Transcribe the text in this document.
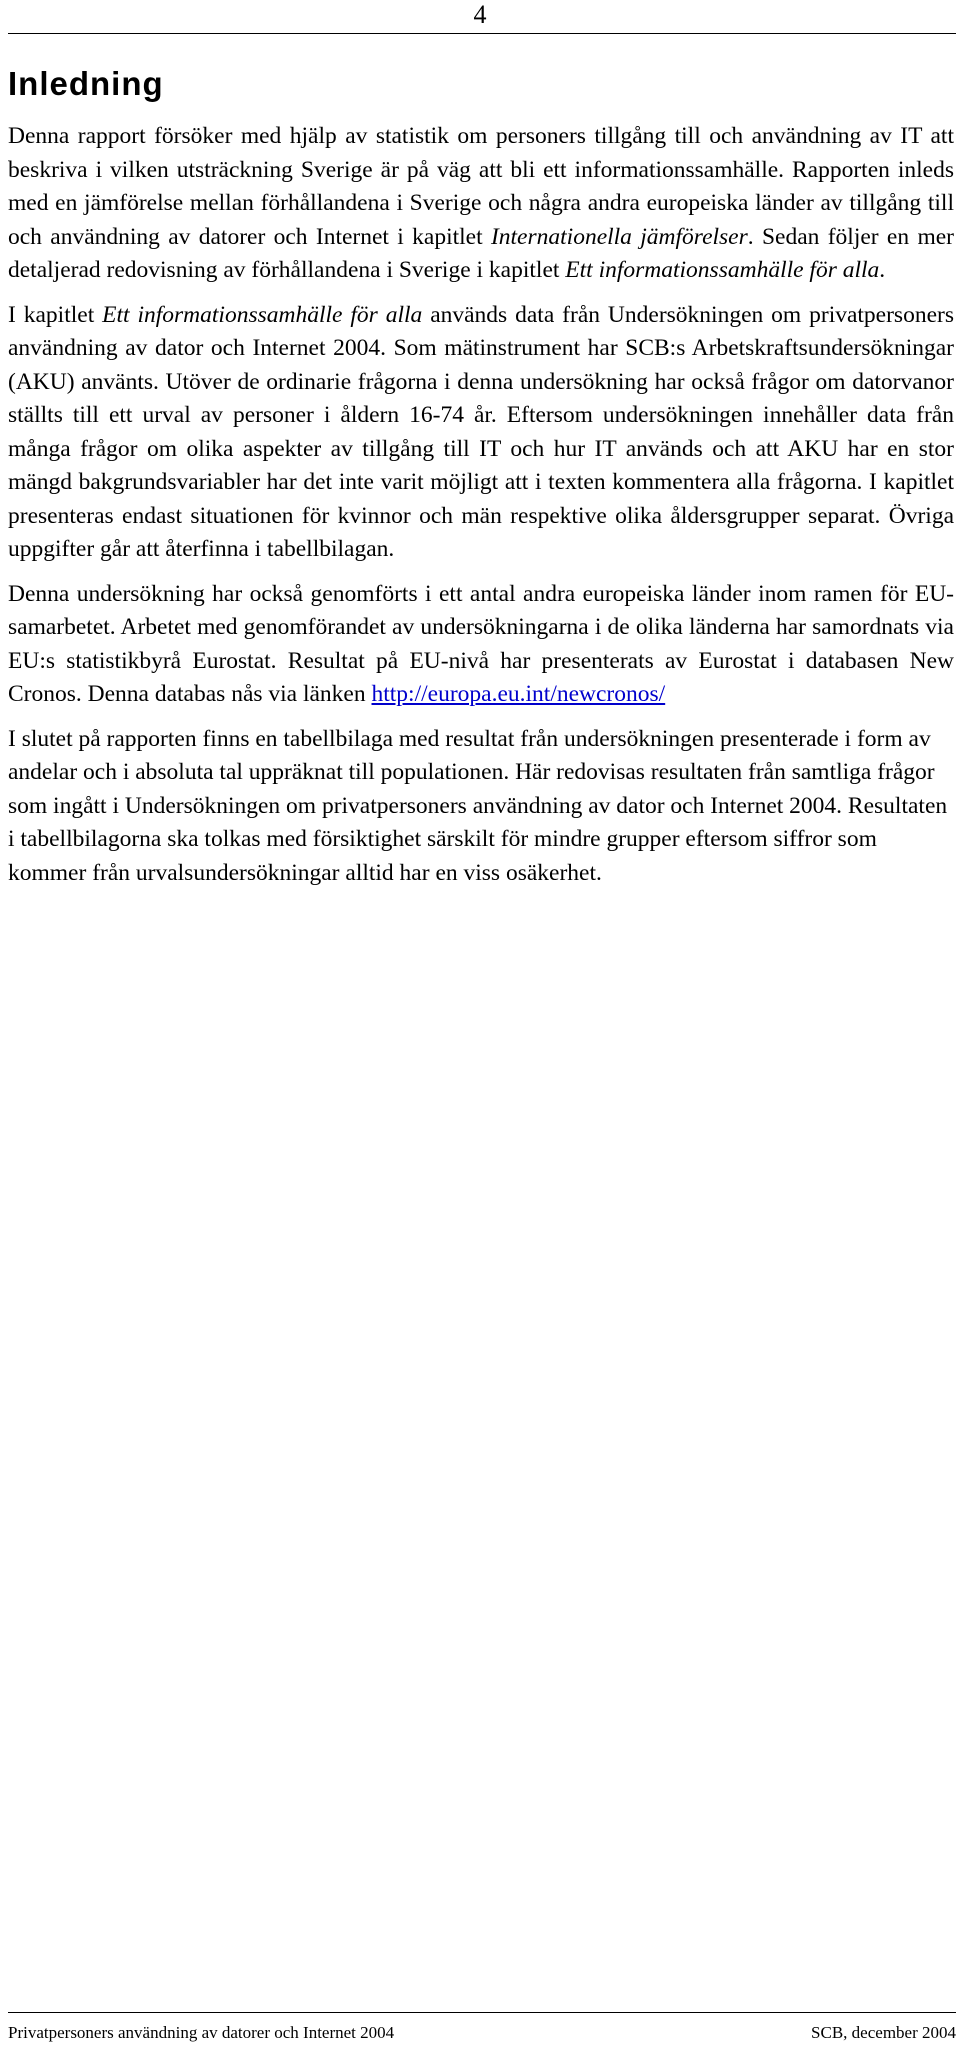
4
Inledning

Denna rapport försöker med hjälp av statistik om personers tillgång till och användning av IT att beskriva i vilken utsträckning Sverige är på väg att bli ett informationssamhälle. Rapporten inleds med en jämförelse mellan förhållandena i Sverige och några andra europeiska länder av tillgång till och användning av datorer och Internet i kapitlet Internationella jämförelser. Sedan följer en mer detaljerad redovisning av förhållandena i Sverige i kapitlet Ett informationssamhälle för alla.

I kapitlet Ett informationssamhälle för alla används data från Undersökningen om privatpersoners användning av dator och Internet 2004. Som mätinstrument har SCB:s Arbetskraftsundersökningar (AKU) använts. Utöver de ordinarie frågorna i denna undersökning har också frågor om datorvanor ställts till ett urval av personer i åldern 16-74 år. Eftersom undersökningen innehåller data från många frågor om olika aspekter av tillgång till IT och hur IT används och att AKU har en stor mängd bakgrundsvariabler har det inte varit möjligt att i texten kommentera alla frågorna. I kapitlet presenteras endast situationen för kvinnor och män respektive olika åldersgrupper separat. Övriga uppgifter går att återfinna i tabellbilagan.

Denna undersökning har också genomförts i ett antal andra europeiska länder inom ramen för EU-samarbetet. Arbetet med genomförandet av undersökningarna i de olika länderna har samordnats via EU:s statistikbyrå Eurostat. Resultat på EU-nivå har presenterats av Eurostat i databasen New Cronos. Denna databas nås via länken http://europa.eu.int/newcronos/

I slutet på rapporten finns en tabellbilaga med resultat från undersökningen presenterade i form av andelar och i absoluta tal uppräknat till populationen. Här redovisas resultaten från samtliga frågor som ingått i Undersökningen om privatpersoners användning av dator och Internet 2004. Resultaten i tabellbilagorna ska tolkas med försiktighet särskilt för mindre grupper eftersom siffror som kommer från urvalsundersökningar alltid har en viss osäkerhet.

Privatpersoners användning av datorer och Internet 2004	SCB, december 2004
